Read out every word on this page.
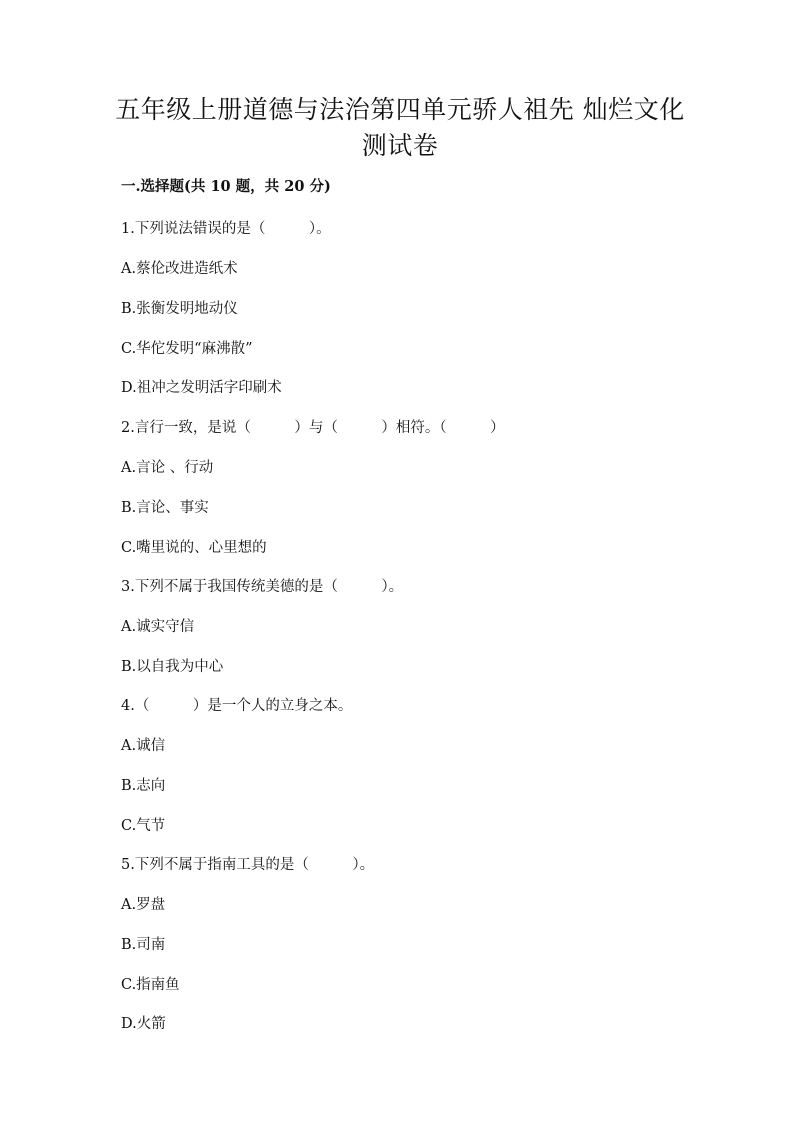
五年级上册道德与法治第四单元骄人祖先 灿烂文化
测试卷
一.选择题(共 10 题，共 20 分)

1.下列说法错误的是（　　　）。

A.蔡伦改进造纸术

B.张衡发明地动仪

C.华佗发明“麻沸散”

D.祖冲之发明活字印刷术

2.言行一致，是说（　　　）与（　　　）相符。（　　　）

A.言论 、行动

B.言论、事实

C.嘴里说的、心里想的

3.下列不属于我国传统美德的是（　　　）。

A.诚实守信

B.以自我为中心

4.（　　　）是一个人的立身之本。

A.诚信

B.志向

C.气节

5.下列不属于指南工具的是（　　　）。

A.罗盘

B.司南

C.指南鱼

D.火箭
